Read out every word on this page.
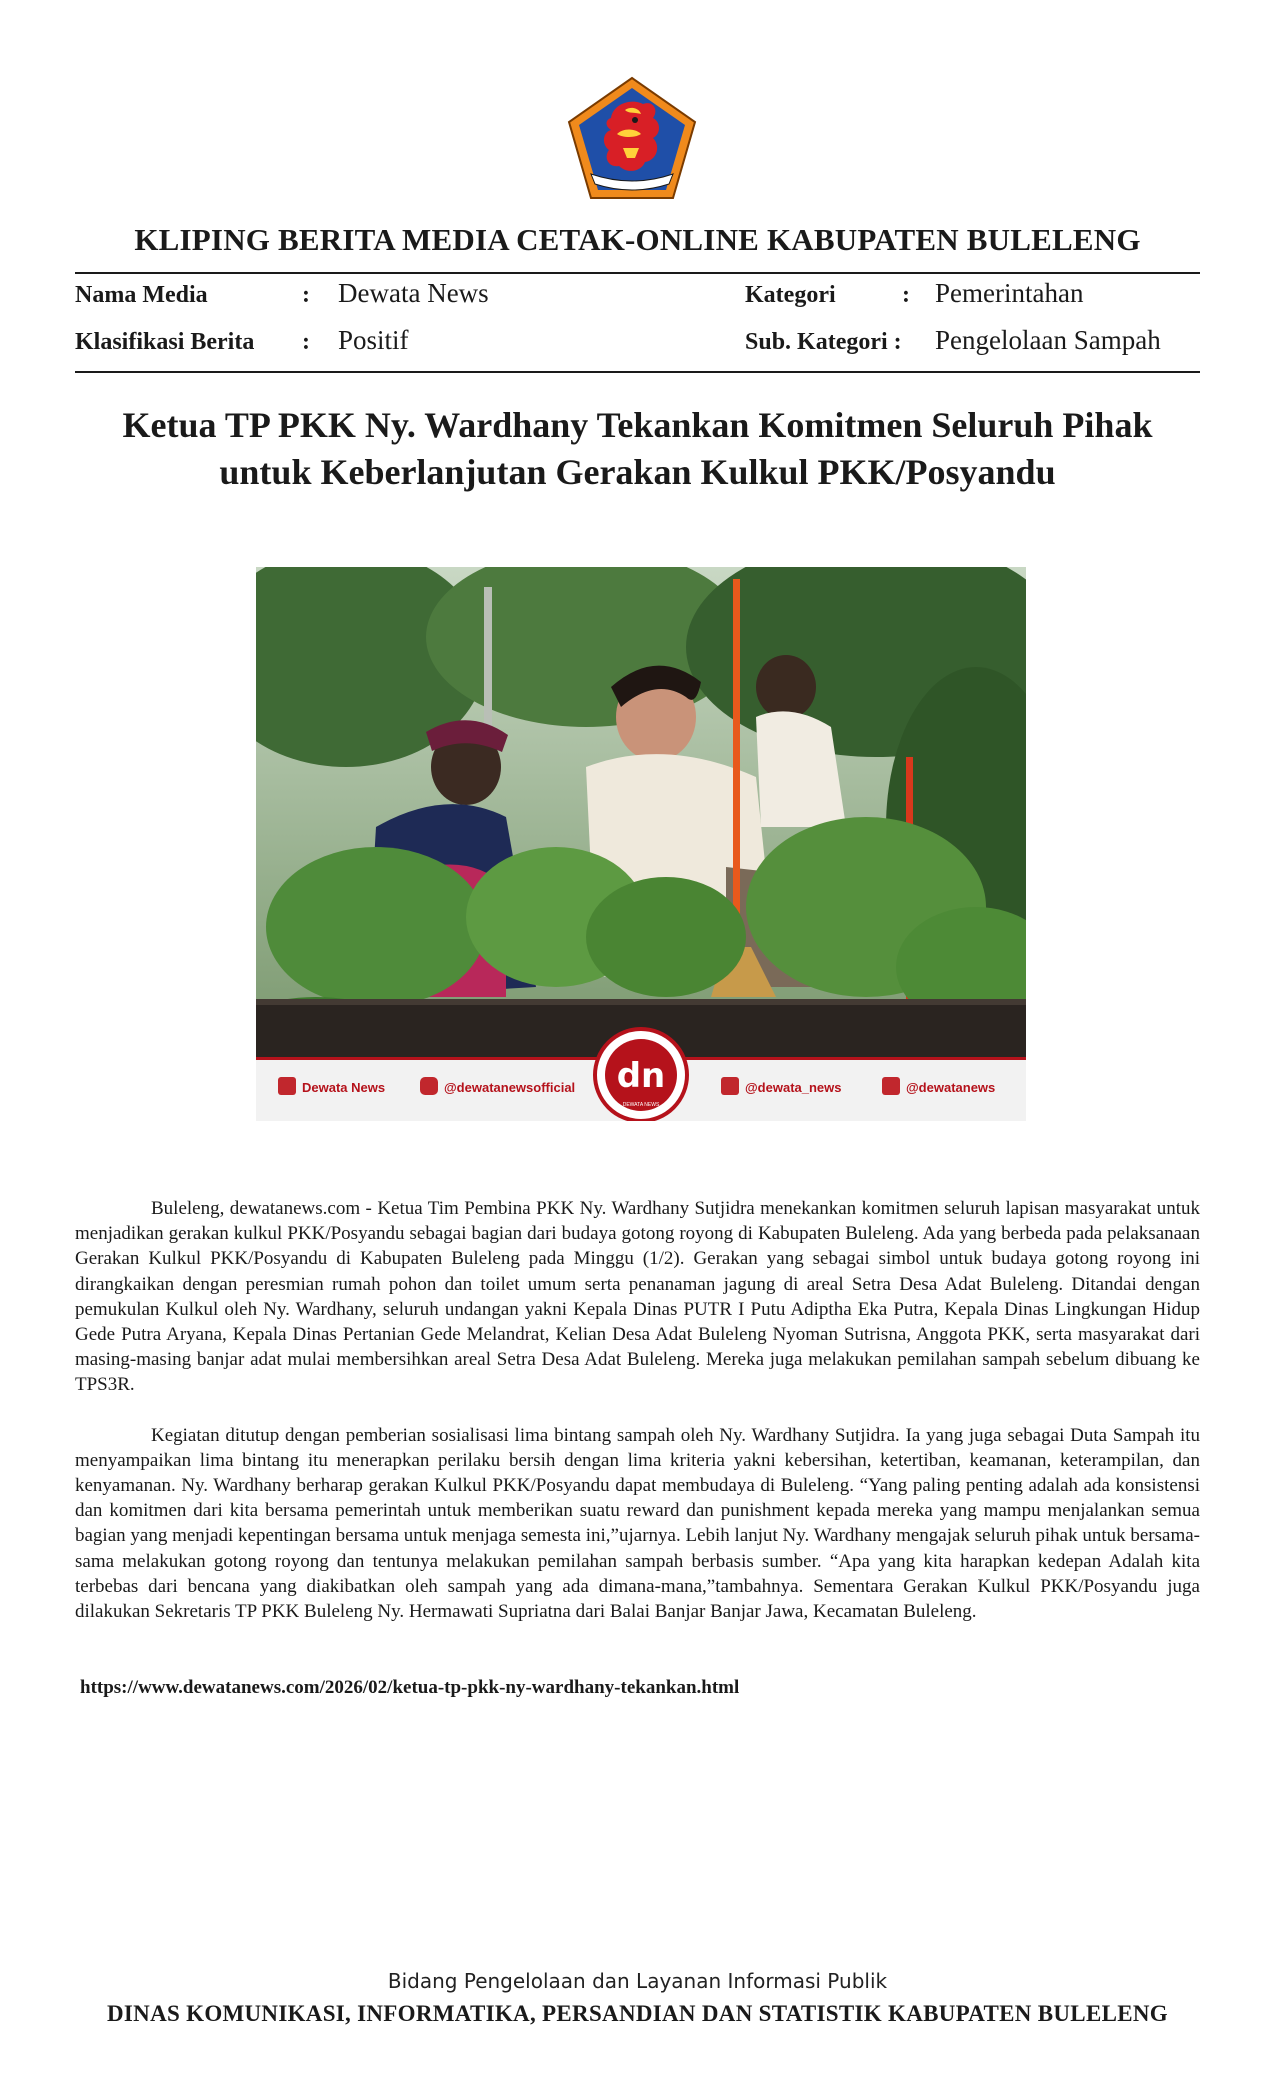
KLIPING BERITA MEDIA CETAK-ONLINE KABUPATEN BULELENG
Nama Media	: Dewata News	Kategori	: Pemerintahan
Klasifikasi Berita : Positif	Sub. Kategori : Pengelolaan Sampah
Ketua TP PKK Ny. Wardhany Tekankan Komitmen Seluruh Pihak
untuk Keberlanjutan Gerakan Kulkul PKK/Posyandu
Dewata News	@dewatanewsofficial dn
DEWATA NEWS
@dewata_news	@dewatanews

Buleleng, dewatanews.com - Ketua Tim Pembina PKK Ny. Wardhany Sutjidra menekankan komitmen seluruh lapisan masyarakat untuk menjadikan gerakan kulkul PKK/Posyandu sebagai bagian dari budaya gotong royong di Kabupaten Buleleng. Ada yang berbeda pada pelaksanaan Gerakan Kulkul PKK/Posyandu di Kabupaten Buleleng pada Minggu (1/2). Gerakan yang sebagai simbol untuk budaya gotong royong ini dirangkaikan dengan peresmian rumah pohon dan toilet umum serta penanaman jagung di areal Setra Desa Adat Buleleng. Ditandai dengan pemukulan Kulkul oleh Ny. Wardhany, seluruh undangan yakni Kepala Dinas PUTR I Putu Adiptha Eka Putra, Kepala Dinas Lingkungan Hidup Gede Putra Aryana, Kepala Dinas Pertanian Gede Melandrat, Kelian Desa Adat Buleleng Nyoman Sutrisna, Anggota PKK, serta masyarakat dari masing-masing banjar adat mulai membersihkan areal Setra Desa Adat Buleleng. Mereka juga melakukan pemilahan sampah sebelum dibuang ke TPS3R.

Kegiatan ditutup dengan pemberian sosialisasi lima bintang sampah oleh Ny. Wardhany Sutjidra. Ia yang juga sebagai Duta Sampah itu menyampaikan lima bintang itu menerapkan perilaku bersih dengan lima kriteria yakni kebersihan, ketertiban, keamanan, keterampilan, dan kenyamanan. Ny. Wardhany berharap gerakan Kulkul PKK/Posyandu dapat membudaya di Buleleng. “Yang paling penting adalah ada konsistensi dan komitmen dari kita bersama pemerintah untuk memberikan suatu reward dan punishment kepada mereka yang mampu menjalankan semua bagian yang menjadi kepentingan bersama untuk menjaga semesta ini,”ujarnya. Lebih lanjut Ny. Wardhany mengajak seluruh pihak untuk bersama-sama melakukan gotong royong dan tentunya melakukan pemilahan sampah berbasis sumber. “Apa yang kita harapkan kedepan Adalah kita terbebas dari bencana yang diakibatkan oleh sampah yang ada dimana-mana,”tambahnya. Sementara Gerakan Kulkul PKK/Posyandu juga dilakukan Sekretaris TP PKK Buleleng Ny. Hermawati Supriatna dari Balai Banjar Banjar Jawa, Kecamatan Buleleng.

https://www.dewatanews.com/2026/02/ketua-tp-pkk-ny-wardhany-tekankan.html
Bidang Pengelolaan dan Layanan Informasi Publik
DINAS KOMUNIKASI, INFORMATIKA, PERSANDIAN DAN STATISTIK KABUPATEN BULELENG
